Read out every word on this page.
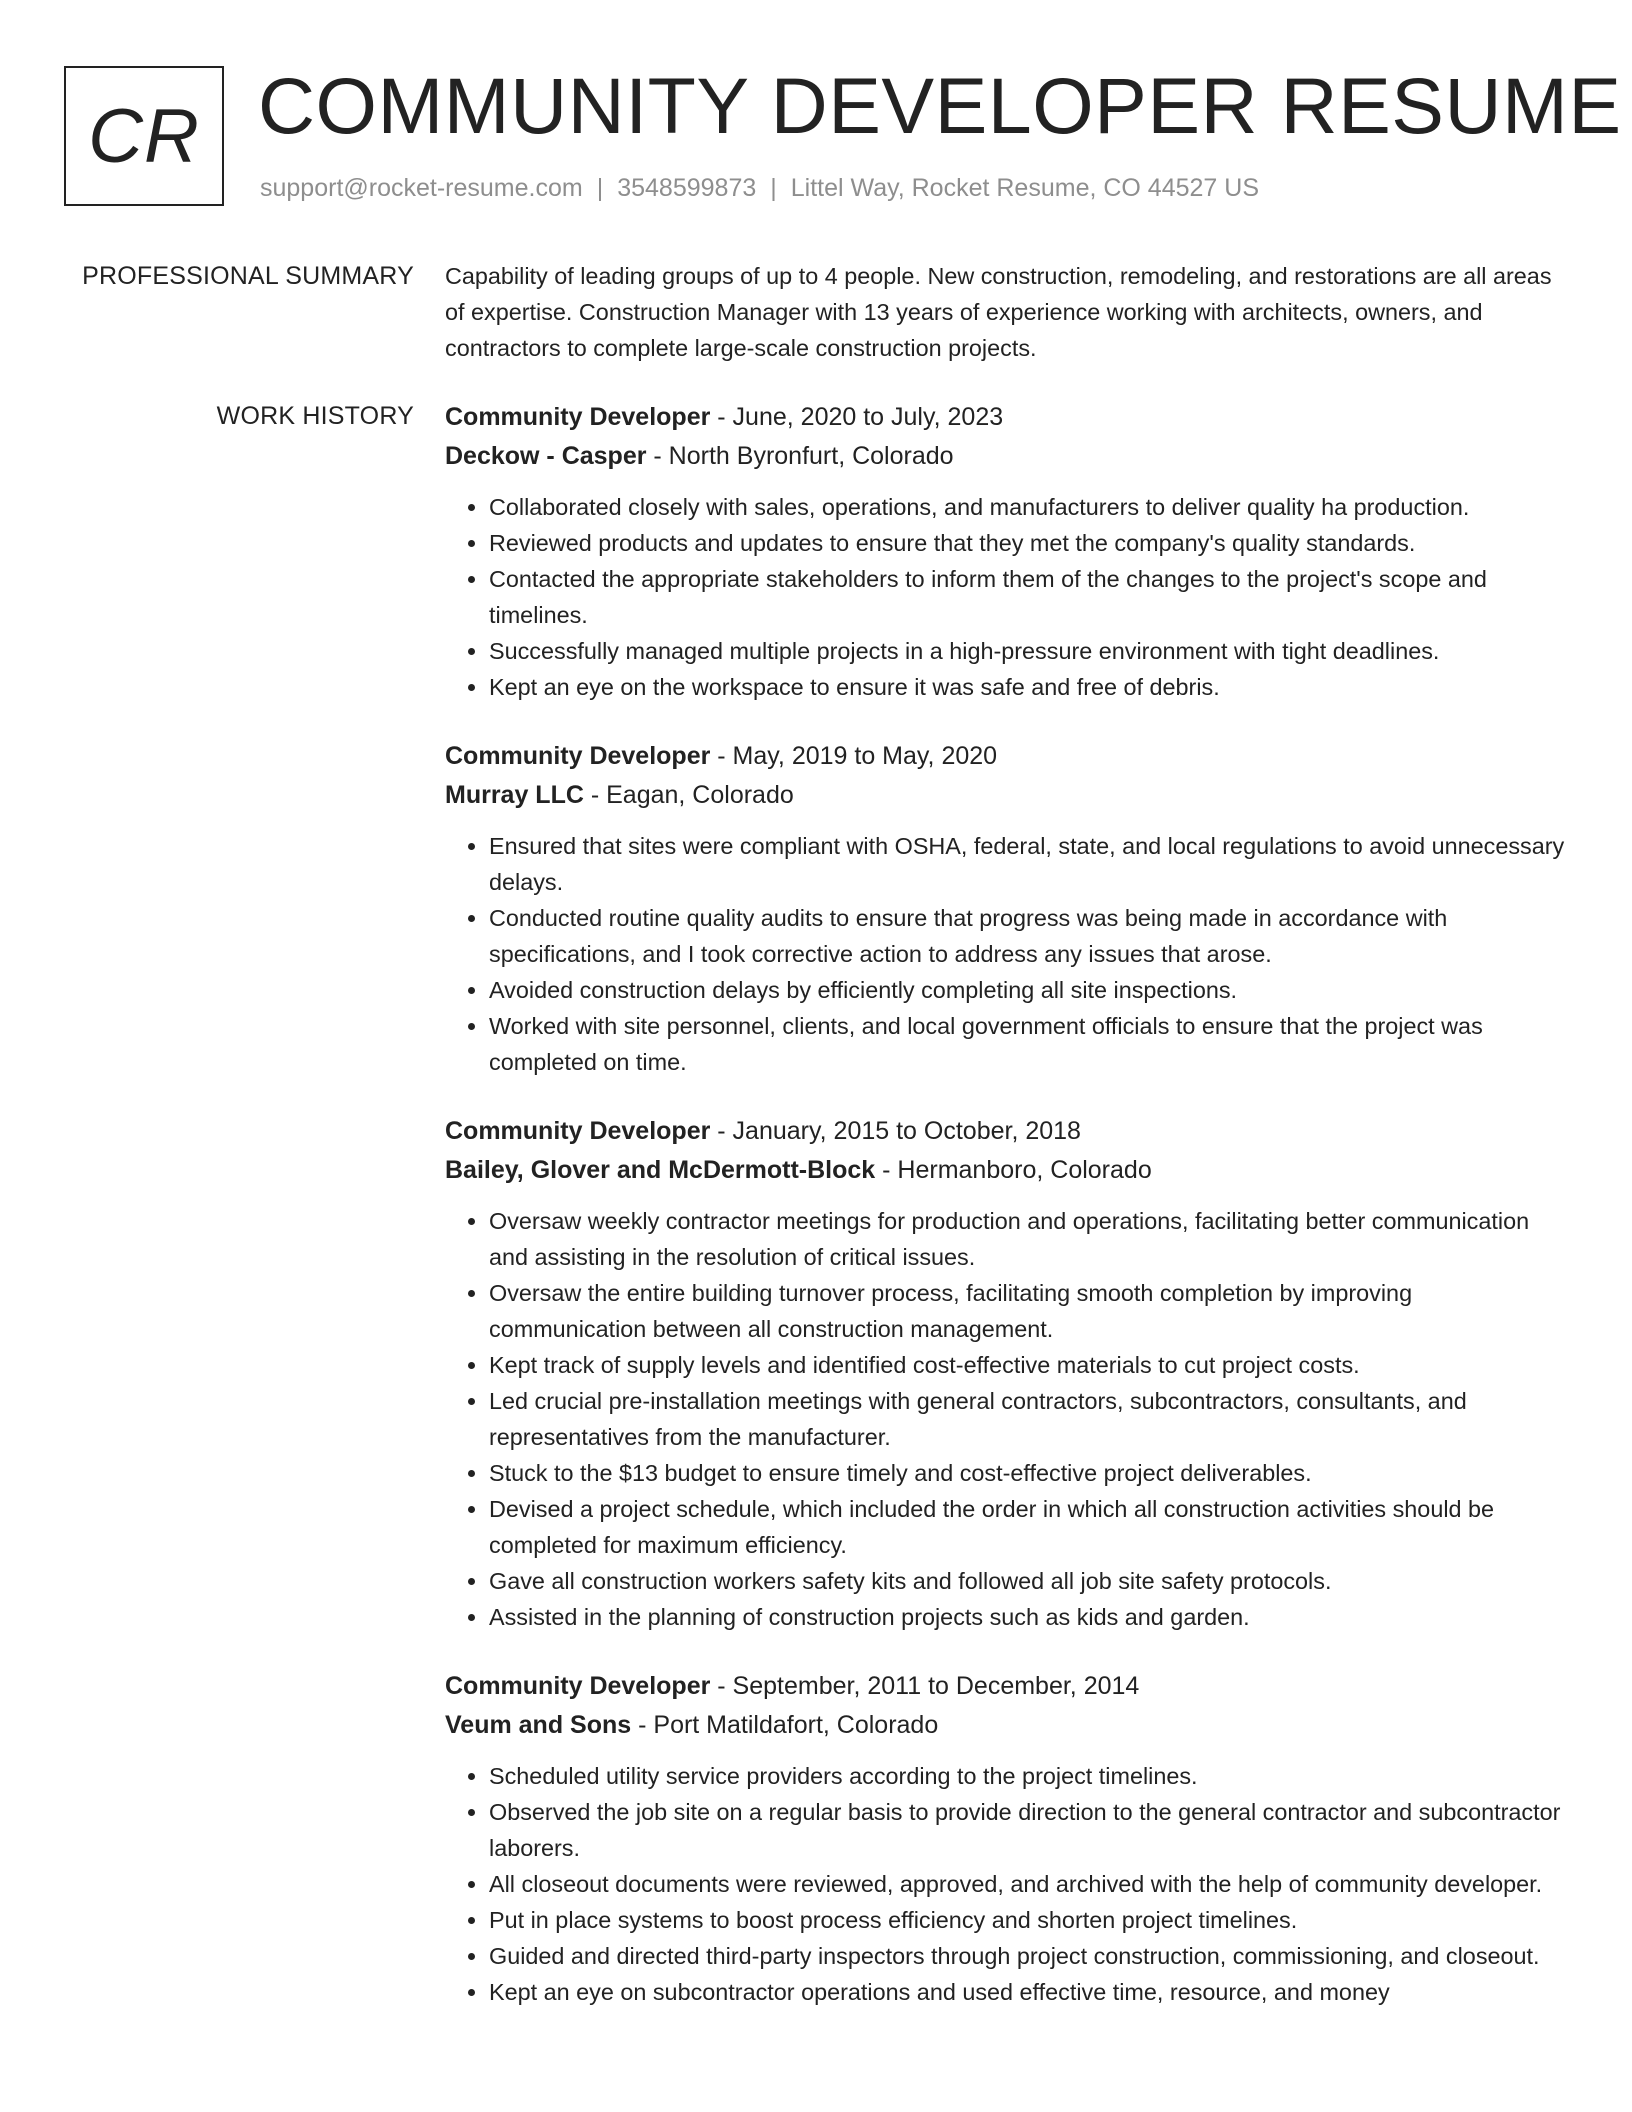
CR COMMUNITY DEVELOPER RESUME
support@rocket-resume.com | 3548599873 | Littel Way, Rocket Resume, CO 44527 US
PROFESSIONAL SUMMARY Capability of leading groups of up to 4 people. New construction, remodeling, and restorations are all areas of expertise. Construction Manager with 13 years of experience working with architects, owners, and contractors to complete large-scale construction projects.
WORK HISTORY Community Developer - June, 2020 to July, 2023
Deckow - Casper - North Byronfurt, Colorado
• Collaborated closely with sales, operations, and manufacturers to deliver quality ha production.
• Reviewed products and updates to ensure that they met the company's quality standards.
• Contacted the appropriate stakeholders to inform them of the changes to the project's scope and timelines.
• Successfully managed multiple projects in a high-pressure environment with tight deadlines.
• Kept an eye on the workspace to ensure it was safe and free of debris.
Community Developer - May, 2019 to May, 2020
Murray LLC - Eagan, Colorado
• Ensured that sites were compliant with OSHA, federal, state, and local regulations to avoid unnecessary delays.
• Conducted routine quality audits to ensure that progress was being made in accordance with specifications, and I took corrective action to address any issues that arose.
• Avoided construction delays by efficiently completing all site inspections.
• Worked with site personnel, clients, and local government officials to ensure that the project was completed on time.
Community Developer - January, 2015 to October, 2018
Bailey, Glover and McDermott-Block - Hermanboro, Colorado
• Oversaw weekly contractor meetings for production and operations, facilitating better communication and assisting in the resolution of critical issues.
• Oversaw the entire building turnover process, facilitating smooth completion by improving communication between all construction management.
• Kept track of supply levels and identified cost-effective materials to cut project costs.
• Led crucial pre-installation meetings with general contractors, subcontractors, consultants, and representatives from the manufacturer.
• Stuck to the $13 budget to ensure timely and cost-effective project deliverables.
• Devised a project schedule, which included the order in which all construction activities should be completed for maximum efficiency.
• Gave all construction workers safety kits and followed all job site safety protocols.
• Assisted in the planning of construction projects such as kids and garden.
Community Developer - September, 2011 to December, 2014
Veum and Sons - Port Matildafort, Colorado
• Scheduled utility service providers according to the project timelines.
• Observed the job site on a regular basis to provide direction to the general contractor and subcontractor laborers.
• All closeout documents were reviewed, approved, and archived with the help of community developer.
• Put in place systems to boost process efficiency and shorten project timelines.
• Guided and directed third-party inspectors through project construction, commissioning, and closeout.
• Kept an eye on subcontractor operations and used effective time, resource, and money
